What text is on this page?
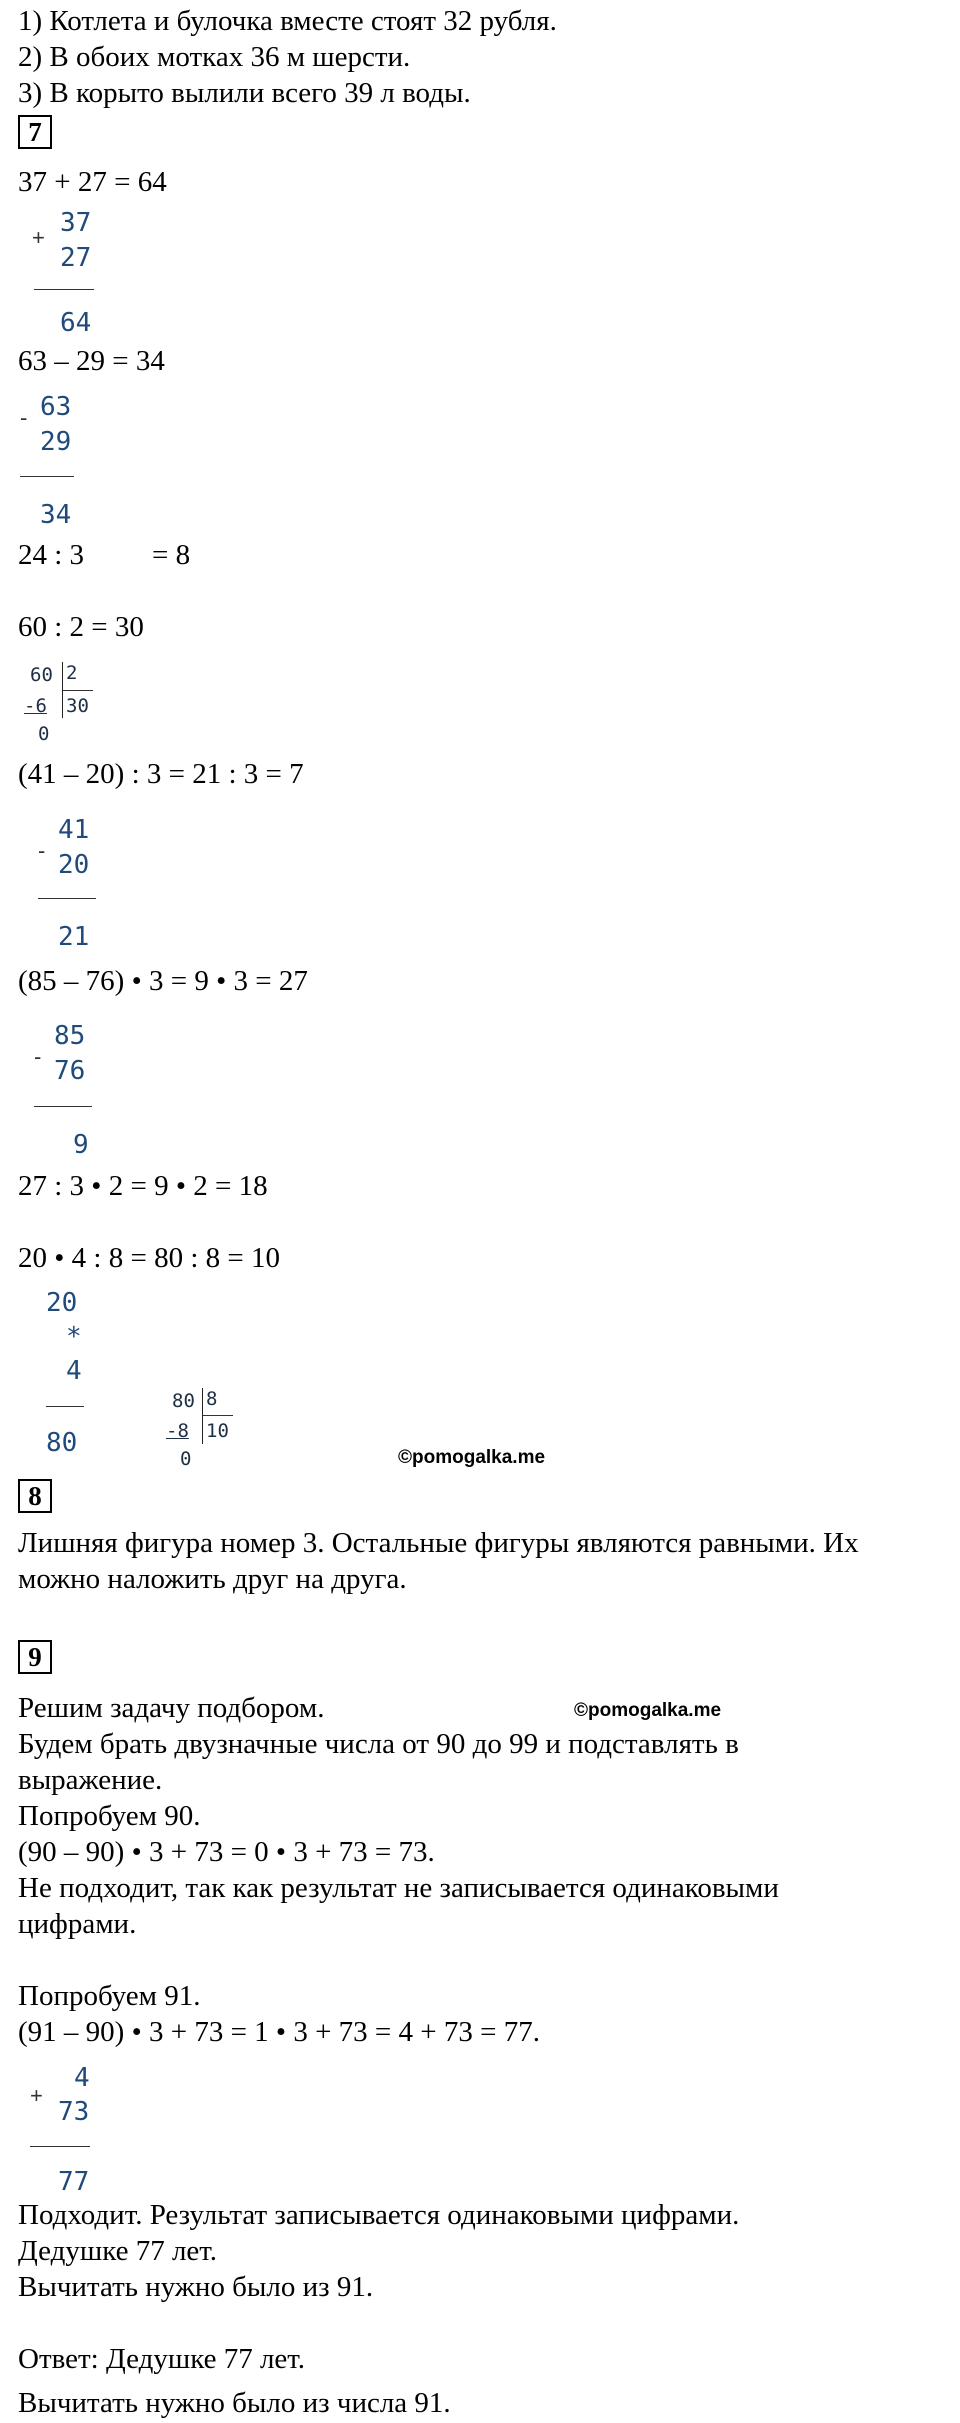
1) Котлета и булочка вместе стоят 32 рубля.
2) В обоих мотках 36 м шерсти.
3) В корыто вылили всего 39 л воды.
7
37 + 27 = 64
+ 37
27
64
63 – 29 = 34
- 63
29
34
24 : 3 = 8
60 : 2 = 30
60 2
-6 30
0
(41 – 20) : 3 = 21 : 3 = 7
-
41
20
21
(85 – 76) • 3 = 9 • 3 = 27
-
85
76
9
27 : 3 • 2 = 9 • 2 = 18
20 • 4 : 8 = 80 : 8 = 10
20
*
4
80
80 8
-8 10
0	©pomogalka.me
8
Лишняя фигура номер 3. Остальные фигуры являются равными. Их
можно наложить друг на друга.
9
©pomogalka.me
Решим задачу подбором.
Будем брать двузначные числа от 90 до 99 и подставлять в
выражение.
Попробуем 90.
(90 – 90) • 3 + 73 = 0 • 3 + 73 = 73.
Не подходит, так как результат не записывается одинаковыми
цифрами.
Попробуем 91.
(91 – 90) • 3 + 73 = 1 • 3 + 73 = 4 + 73 = 77.
+
4
73
77
Подходит. Результат записывается одинаковыми цифрами.
Дедушке 77 лет.
Вычитать нужно было из 91.
Ответ: Дедушке 77 лет.
Вычитать нужно было из числа 91.
